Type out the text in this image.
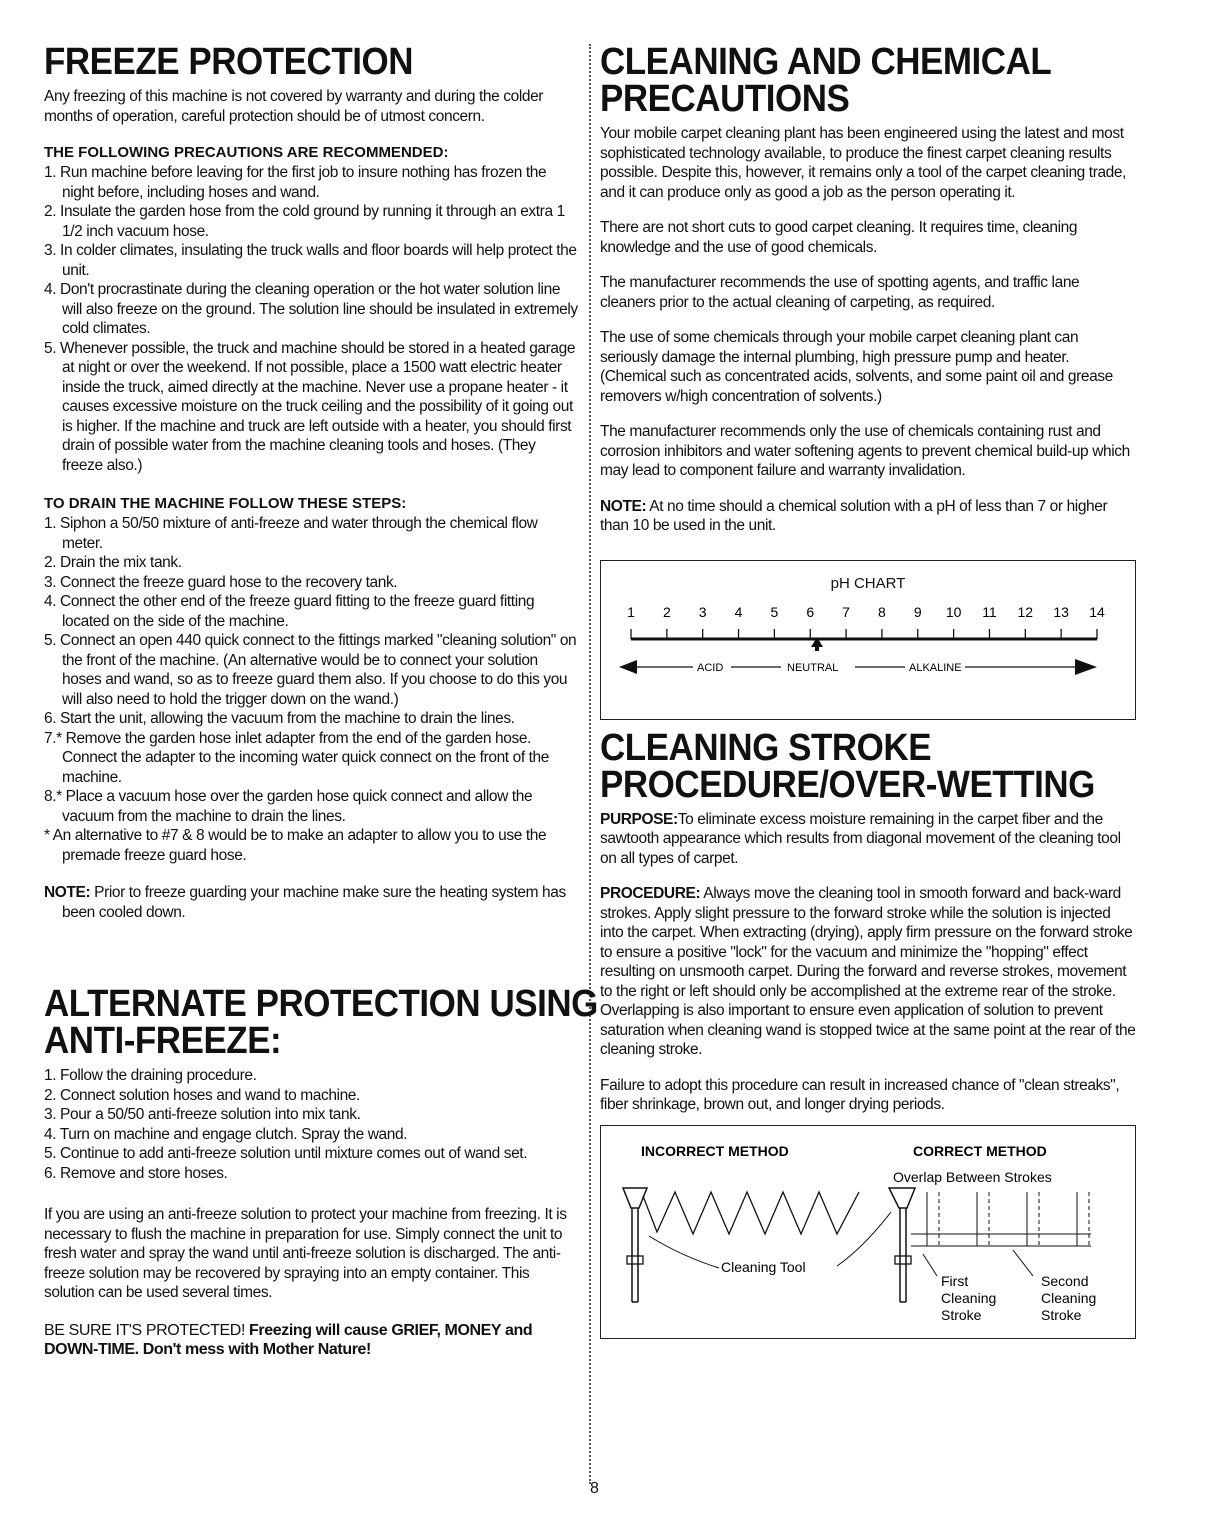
FREEZE PROTECTION

Any freezing of this machine is not covered by warranty and during the colder months of operation, careful protection should be of utmost concern.

THE FOLLOWING PRECAUTIONS ARE RECOMMENDED:
1. Run machine before leaving for the first job to insure nothing has frozen the night before, including hoses and wand.
2. Insulate the garden hose from the cold ground by running it through an extra 1 1/2 inch vacuum hose.
3. In colder climates, insulating the truck walls and floor boards will help protect the unit.
4. Don't procrastinate during the cleaning operation or the hot water solution line will also freeze on the ground. The solution line should be insulated in extremely cold climates.
5. Whenever possible, the truck and machine should be stored in a heated garage at night or over the weekend. If not possible, place a 1500 watt electric heater inside the truck, aimed directly at the machine. Never use a propane heater - it causes excessive moisture on the truck ceiling and the possibility of it going out is higher. If the machine and truck are left outside with a heater, you should first drain of possible water from the machine cleaning tools and hoses. (They freeze also.)
TO DRAIN THE MACHINE FOLLOW THESE STEPS:
1. Siphon a 50/50 mixture of anti-freeze and water through the chemical flow meter.
2. Drain the mix tank.
3. Connect the freeze guard hose to the recovery tank.
4. Connect the other end of the freeze guard fitting to the freeze guard fitting located on the side of the machine.
5. Connect an open 440 quick connect to the fittings marked "cleaning solution" on the front of the machine. (An alternative would be to connect your solution hoses and wand, so as to freeze guard them also. If you choose to do this you will also need to hold the trigger down on the wand.)
6. Start the unit, allowing the vacuum from the machine to drain the lines.
7.* Remove the garden hose inlet adapter from the end of the garden hose. Connect the adapter to the incoming water quick connect on the front of the machine.
8.* Place a vacuum hose over the garden hose quick connect and allow the vacuum from the machine to drain the lines.
* An alternative to #7 & 8 would be to make an adapter to allow you to use the premade freeze guard hose.

NOTE: Prior to freeze guarding your machine make sure the heating system has been cooled down.

ALTERNATE PROTECTION USING
ANTI-FREEZE:
1. Follow the draining procedure.
2. Connect solution hoses and wand to machine.
3. Pour a 50/50 anti-freeze solution into mix tank.
4. Turn on machine and engage clutch. Spray the wand.
5. Continue to add anti-freeze solution until mixture comes out of wand set.
6. Remove and store hoses.

If you are using an anti-freeze solution to protect your machine from freezing. It is necessary to flush the machine in preparation for use. Simply connect the unit to fresh water and spray the wand until anti-freeze solution is discharged. The anti-freeze solution may be recovered by spraying into an empty container. This solution can be used several times.

BE SURE IT'S PROTECTED! Freezing will cause GRIEF, MONEY and DOWN-TIME. Don't mess with Mother Nature!

CLEANING AND CHEMICAL
PRECAUTIONS

Your mobile carpet cleaning plant has been engineered using the latest and most sophisticated technology available, to produce the finest carpet cleaning results possible. Despite this, however, it remains only a tool of the carpet cleaning trade, and it can produce only as good a job as the person operating it.

There are not short cuts to good carpet cleaning. It requires time, cleaning knowledge and the use of good chemicals.

The manufacturer recommends the use of spotting agents, and traffic lane cleaners prior to the actual cleaning of carpeting, as required.

The use of some chemicals through your mobile carpet cleaning plant can seriously damage the internal plumbing, high pressure pump and heater. (Chemical such as concentrated acids, solvents, and some paint oil and grease removers w/high concentration of solvents.)

The manufacturer recommends only the use of chemicals containing rust and corrosion inhibitors and water softening agents to prevent chemical build-up which may lead to component failure and warranty invalidation.

NOTE: At no time should a chemical solution with a pH of less than 7 or higher than 10 be used in the unit.

pH CHART
1 2 3 4 5 6 7 8 9 10 11 12 13 14
ACID	NEUTRAL	ALKALINE
CLEANING STROKE
PROCEDURE/OVER-WETTING

PURPOSE:To eliminate excess moisture remaining in the carpet fiber and the sawtooth appearance which results from diagonal movement of the cleaning tool on all types of carpet.

PROCEDURE: Always move the cleaning tool in smooth forward and back-ward strokes. Apply slight pressure to the forward stroke while the solution is injected into the carpet. When extracting (drying), apply firm pressure on the forward stroke to ensure a positive "lock" for the vacuum and minimize the "hopping" effect resulting on unsmooth carpet. During the forward and reverse strokes, movement to the right or left should only be accomplished at the extreme rear of the stroke. Overlapping is also important to ensure even application of solution to prevent saturation when cleaning wand is stopped twice at the same point at the rear of the cleaning stroke.

Failure to adopt this procedure can result in increased chance of "clean streaks", fiber shrinkage, brown out, and longer drying periods.

INCORRECT METHOD	CORRECT METHOD
Overlap Between Strokes
Cleaning Tool
First
Cleaning
Stroke
Second
Cleaning
Stroke
8
